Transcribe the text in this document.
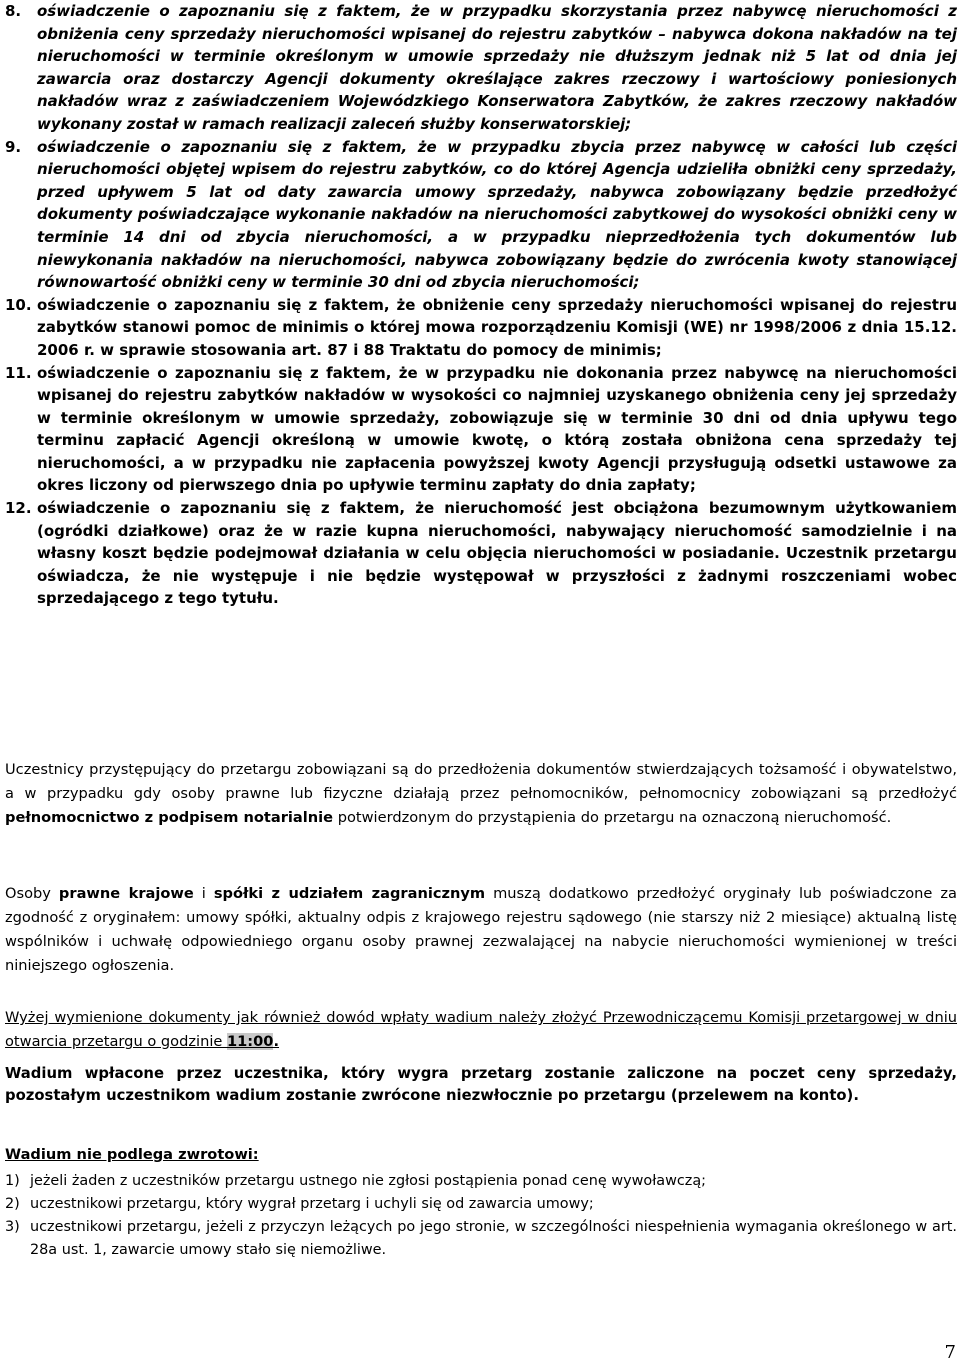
8.	oświadczenie o zapoznaniu się z faktem, że w przypadku skorzystania przez nabywcę nieruchomości z obniżenia ceny sprzedaży nieruchomości wpisanej do rejestru zabytków – nabywca dokona nakładów na tej nieruchomości w terminie określonym w umowie sprzedaży nie dłuższym jednak niż 5 lat od dnia jej zawarcia oraz dostarczy Agencji dokumenty określające zakres rzeczowy i wartościowy poniesionych nakładów wraz z zaświadczeniem Wojewódzkiego Konserwatora Zabytków, że zakres rzeczowy nakładów wykonany został w ramach realizacji zaleceń służby konserwatorskiej;
9.	oświadczenie o zapoznaniu się z faktem, że w przypadku zbycia przez nabywcę w całości lub części nieruchomości objętej wpisem do rejestru zabytków, co do której Agencja udzieliła obniżki ceny sprzedaży, przed upływem 5 lat od daty zawarcia umowy sprzedaży, nabywca zobowiązany będzie przedłożyć dokumenty poświadczające wykonanie nakładów na nieruchomości zabytkowej do wysokości obniżki ceny w terminie 14 dni od zbycia nieruchomości, a w przypadku nieprzedłożenia tych dokumentów lub niewykonania nakładów na nieruchomości, nabywca zobowiązany będzie do zwrócenia kwoty stanowiącej równowartość obniżki ceny w terminie 30 dni od zbycia nieruchomości;
10. oświadczenie o zapoznaniu się z faktem, że obniżenie ceny sprzedaży nieruchomości wpisanej do rejestru zabytków stanowi pomoc de minimis o której mowa rozporządzeniu Komisji (WE) nr 1998/2006 z dnia 15.12. 2006 r. w sprawie stosowania art. 87 i 88 Traktatu do pomocy de minimis;
11. oświadczenie o zapoznaniu się z faktem, że w przypadku nie dokonania przez nabywcę na nieruchomości wpisanej do rejestru zabytków nakładów w wysokości co najmniej uzyskanego obniżenia ceny jej sprzedaży w terminie określonym w umowie sprzedaży, zobowiązuje się w terminie 30 dni od dnia upływu tego terminu zapłacić Agencji określoną w umowie kwotę, o którą została obniżona cena sprzedaży tej nieruchomości, a w przypadku nie zapłacenia powyższej kwoty Agencji przysługują odsetki ustawowe za okres liczony od pierwszego dnia po upływie terminu zapłaty do dnia zapłaty;
12. oświadczenie o zapoznaniu się z faktem, że nieruchomość jest obciążona bezumownym użytkowaniem (ogródki działkowe) oraz że w razie kupna nieruchomości, nabywający nieruchomość samodzielnie i na własny koszt będzie podejmował działania w celu objęcia nieruchomości w posiadanie. Uczestnik przetargu oświadcza, że nie występuje i nie będzie występował w przyszłości z żadnymi roszczeniami wobec sprzedającego z tego tytułu.

Uczestnicy przystępujący do przetargu zobowiązani są do przedłożenia dokumentów stwierdzających tożsamość i obywatelstwo, a w przypadku gdy osoby prawne lub fizyczne działają przez pełnomocników, pełnomocnicy zobowiązani są przedłożyć pełnomocnictwo z podpisem notarialnie potwierdzonym do przystąpienia do przetargu na oznaczoną nieruchomość.

Osoby prawne krajowe i spółki z udziałem zagranicznym muszą dodatkowo przedłożyć oryginały lub poświadczone za zgodność z oryginałem: umowy spółki, aktualny odpis z krajowego rejestru sądowego (nie starszy niż 2 miesiące) aktualną listę wspólników i uchwałę odpowiedniego organu osoby prawnej zezwalającej na nabycie nieruchomości wymienionej w treści niniejszego ogłoszenia.

Wyżej wymienione dokumenty jak również dowód wpłaty wadium należy złożyć Przewodniczącemu Komisji przetargowej w dniu otwarcia przetargu o godzinie 11:00.

Wadium wpłacone przez uczestnika, który wygra przetarg zostanie zaliczone na poczet ceny sprzedaży, pozostałym uczestnikom wadium zostanie zwrócone niezwłocznie po przetargu (przelewem na konto).

Wadium nie podlega zwrotowi:
1) jeżeli żaden z uczestników przetargu ustnego nie zgłosi postąpienia ponad cenę wywoławczą;
2) uczestnikowi przetargu, który wygrał przetarg i uchyli się od zawarcia umowy;
3) uczestnikowi przetargu, jeżeli z przyczyn leżących po jego stronie, w szczególności niespełnienia wymagania określonego w art. 28a ust. 1, zawarcie umowy stało się niemożliwe.
7
